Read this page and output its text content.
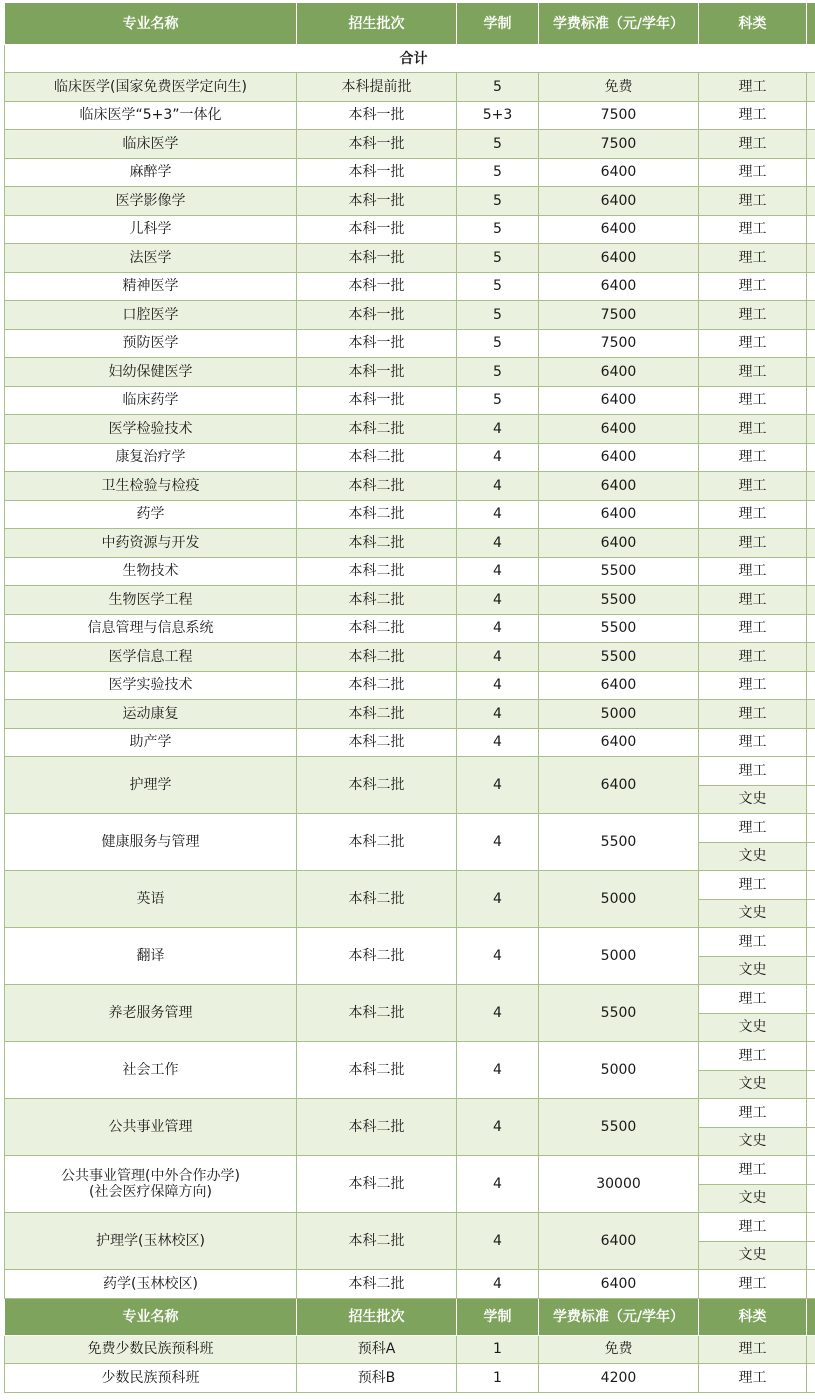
专业名称	招生批次	学制	学费标准（元/学年）	科类	
合计					
临床医学(国家免费医学定向生)	本科提前批	5	免费	理工	
临床医学“5+3”一体化	本科一批	5+3	7500	理工	
临床医学	本科一批	5	7500	理工	
麻醉学	本科一批	5	6400	理工	
医学影像学	本科一批	5	6400	理工	
儿科学	本科一批	5	6400	理工	
法医学	本科一批	5	6400	理工	
精神医学	本科一批	5	6400	理工	
口腔医学	本科一批	5	7500	理工	
预防医学	本科一批	5	7500	理工	
妇幼保健医学	本科一批	5	6400	理工	
临床药学	本科一批	5	6400	理工	
医学检验技术	本科二批	4	6400	理工	
康复治疗学	本科二批	4	6400	理工	
卫生检验与检疫	本科二批	4	6400	理工	
药学	本科二批	4	6400	理工	
中药资源与开发	本科二批	4	6400	理工	
生物技术	本科二批	4	5500	理工	
生物医学工程	本科二批	4	5500	理工	
信息管理与信息系统	本科二批	4	5500	理工	
医学信息工程	本科二批	4	5500	理工	
医学实验技术	本科二批	4	6400	理工	
运动康复	本科二批	4	5000	理工	
助产学	本科二批	4	6400	理工	

护理学	本科二批	4	6400	理工	
				文史	

健康服务与管理	本科二批	4	5500	理工	
				文史	

英语	本科二批	4	5000	理工	
				文史	

翻译	本科二批	4	5000	理工	
				文史	

养老服务管理	本科二批	4	5500	理工	
				文史	

社会工作	本科二批	4	5000	理工	
				文史	

公共事业管理	本科二批	4	5500	理工	
				文史	

公共事业管理(中外合作办学)
(社会医疗保障方向)	本科二批	4	30000	理工	
				文史	

护理学(玉林校区)	本科二批	4	6400	理工	
				文史	
药学(玉林校区)	本科二批	4	6400	理工	
专业名称	招生批次	学制	学费标准（元/学年）	科类	
免费少数民族预科班	预科A	1	免费	理工	
少数民族预科班	预科B	1	4200	理工	
